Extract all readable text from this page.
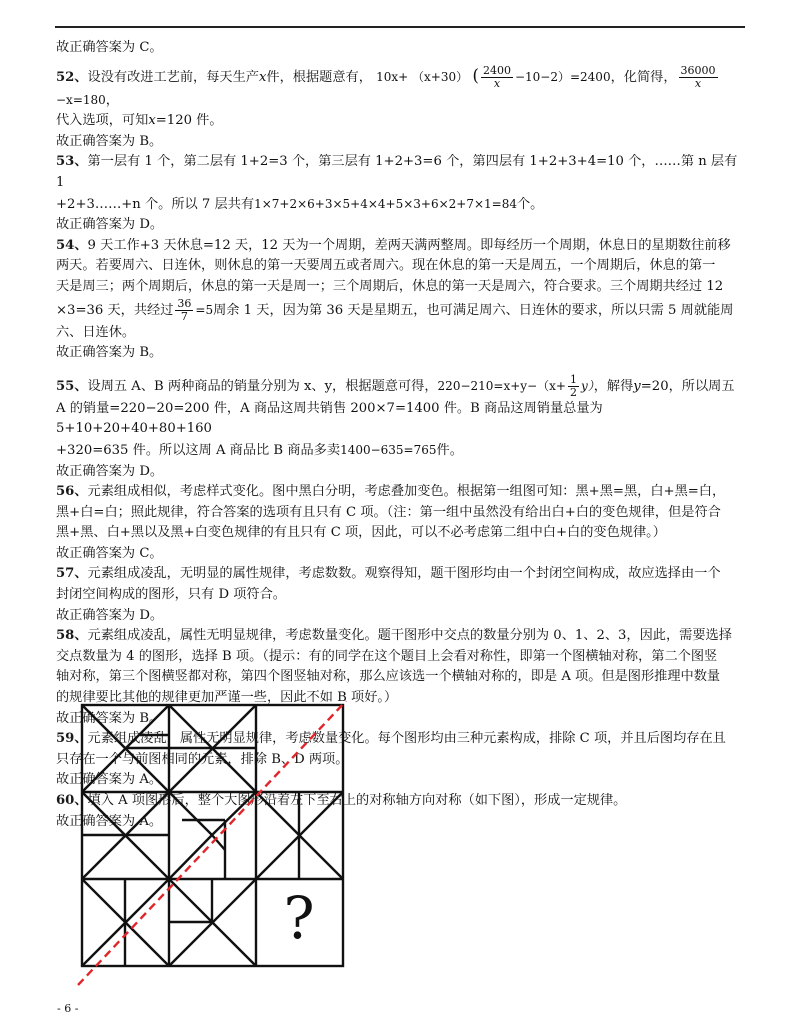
故正确答案为 C。

52、设没有改进工艺前，每天生产x件，根据题意有， 10x+ （x+30） ( $\frac{2400}{x} -10-2)=2400$，化简得， $\frac{36000}{x}$
−x=180，

代入选项，可知x=120 件。

故正确答案为 B。

53、第一层有 1 个，第二层有 1+2=3 个，第三层有 1+2+3=6 个，第四层有 1+2+3+4=10 个，……第 n 层有 1

+2+3……+n 个。所以 7 层共有1×7+2×6+3×5+4×4+5×3+6×2+7×1=84个。

故正确答案为 D。

54、9 天工作+3 天休息=12 天，12 天为一个周期，差两天满两整周。即每经历一个周期，休息日的星期数往前移

两天。若要周六、日连休，则休息的第一天要周五或者周六。现在休息的第一天是周五，一个周期后，休息的第一

天是周三；两个周期后，休息的第一天是周一；三个周期后，休息的第一天是周六，符合要求。三个周期共经过 12

×3=36 天，共经过 $\frac{36}{7} =5$周余 1 天，因为第 36 天是星期五，也可满足周六、日连休的要求，所以只需 5 周就能周

六、日连休。

故正确答案为 B。

55、设周五 A、B 两种商品的销量分别为 x、y，根据题意可得，$220-210=x+y-(x+ \frac{1}{2} y)$，解得y=20，所以周五

A 的销量=220−20=200 件，A 商品这周共销售 200×7=1400 件。B 商品这周销量总量为 5+10+20+40+80+160

+320=635 件。所以这周 A 商品比 B 商品多卖1400−635=765件。

故正确答案为 D。

56、元素组成相似，考虑样式变化。图中黑白分明，考虑叠加变色。根据第一组图可知：黑+黑=黑，白+黑=白，

黑+白=白；照此规律，符合答案的选项有且只有 C 项。（注：第一组中虽然没有给出白+白的变色规律，但是符合

黑+黑、白+黑以及黑+白变色规律的有且只有 C 项，因此，可以不必考虑第二组中白+白的变色规律。）

故正确答案为 C。

57、元素组成凌乱，无明显的属性规律，考虑数数。观察得知，题干图形均由一个封闭空间构成，故应选择由一个

封闭空间构成的图形，只有 D 项符合。

故正确答案为 D。

58、元素组成凌乱，属性无明显规律，考虑数量变化。题干图形中交点的数量分别为 0、1、2、3，因此，需要选择

交点数量为 4 的图形，选择 B 项。（提示：有的同学在这个题目上会看对称性，即第一个图横轴对称，第二个图竖

轴对称，第三个图横竖都对称，第四个图竖轴对称，那么应该选一个横轴对称的，即是 A 项。但是图形推理中数量

的规律要比其他的规律更加严谨一些，因此不如 B 项好。）

故正确答案为 B。

59、元素组成凌乱，属性无明显规律，考虑数量变化。每个图形均由三种元素构成，排除 C 项，并且后图均存在且

只存在一个与前图相同的元素，排除 B、D 两项。

故正确答案为 A。

60、填入 A 项图形后，整个大图形沿着左下至右上的对称轴方向对称（如下图），形成一定规律。

故正确答案为 A。

?
- 6 -
